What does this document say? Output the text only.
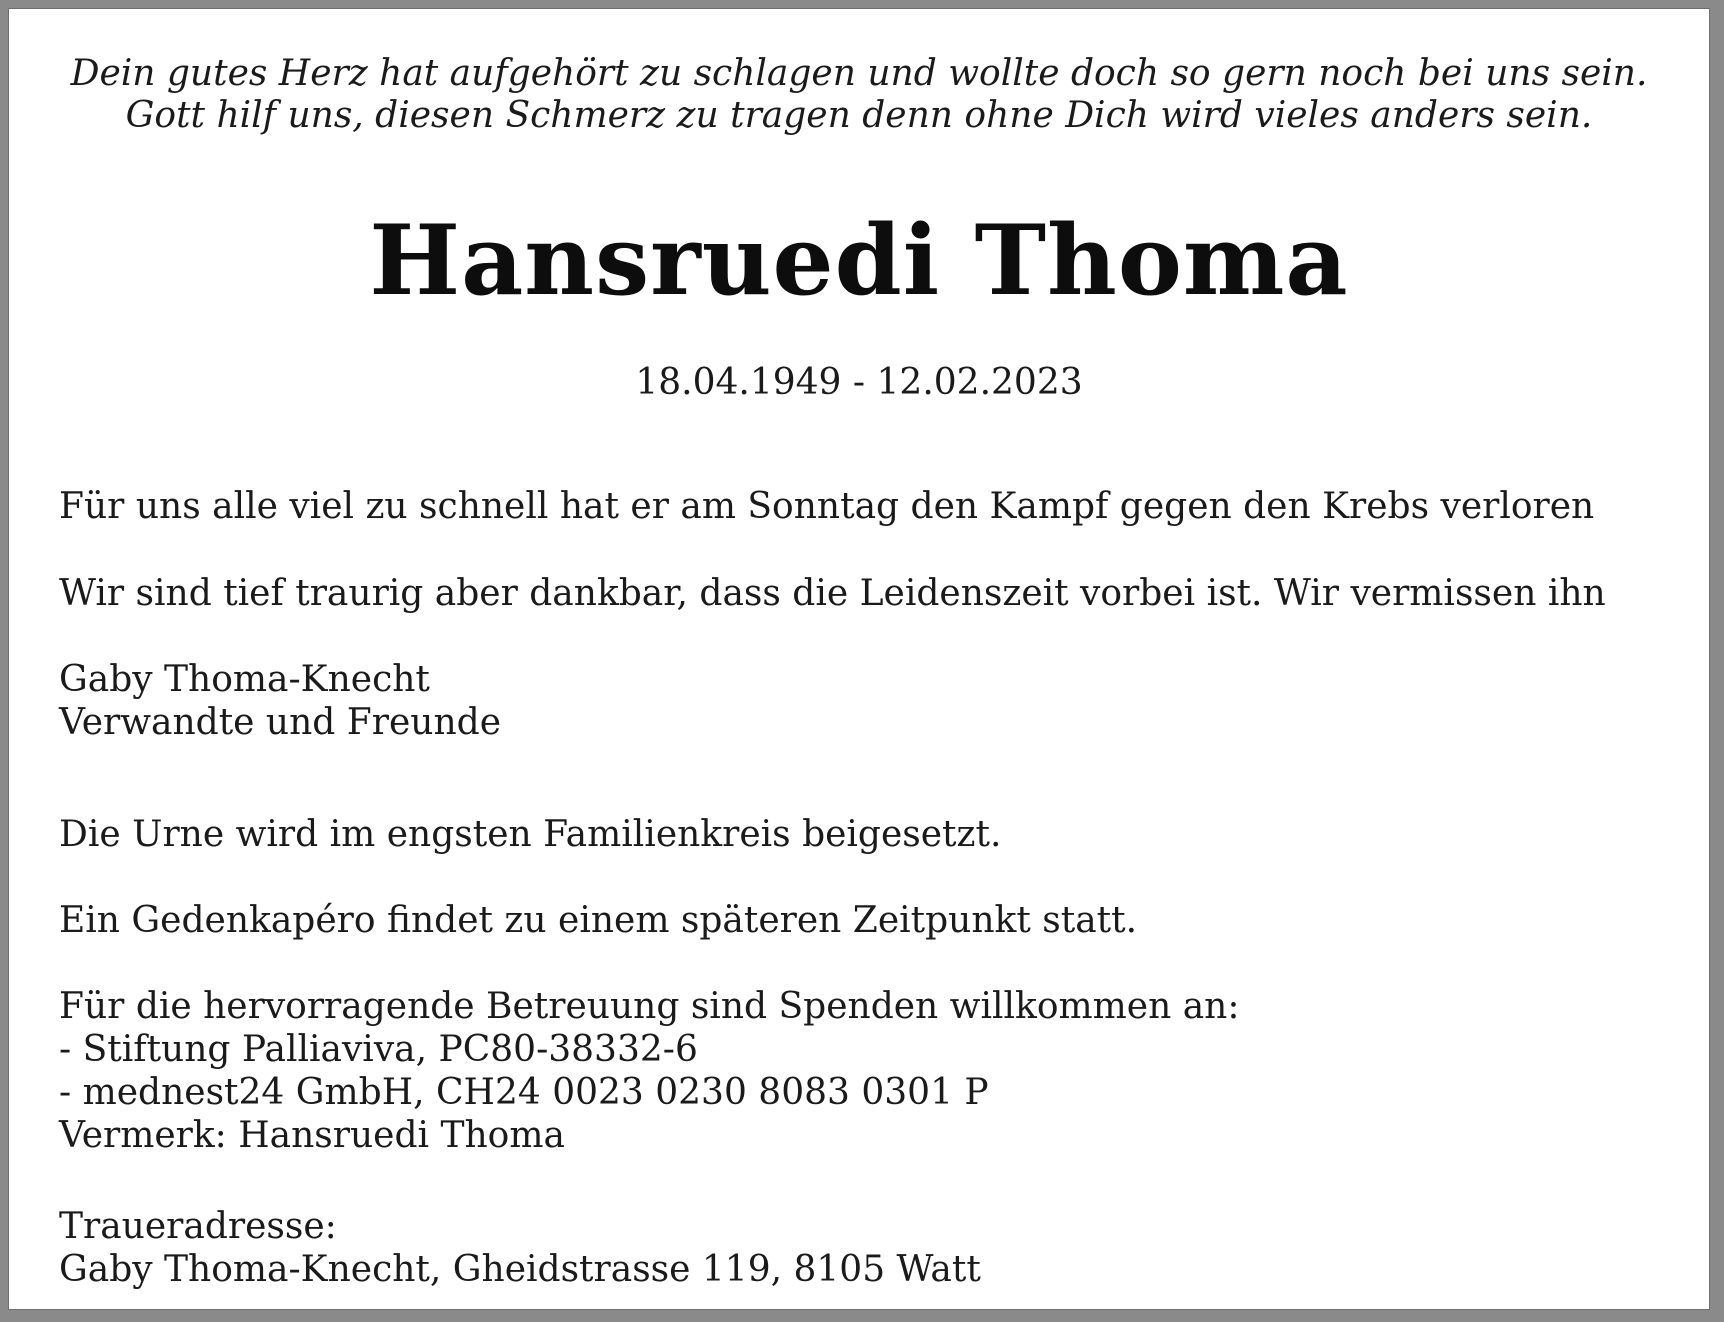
Dein gutes Herz hat aufgehört zu schlagen und wollte doch so gern noch bei uns sein.
Gott hilf uns, diesen Schmerz zu tragen denn ohne Dich wird vieles anders sein.
Hansruedi Thoma
18.04.1949 - 12.02.2023
Für uns alle viel zu schnell hat er am Sonntag den Kampf gegen den Krebs verloren
Wir sind tief traurig aber dankbar, dass die Leidenszeit vorbei ist. Wir vermissen ihn
Gaby Thoma-Knecht
Verwandte und Freunde
Die Urne wird im engsten Familienkreis beigesetzt.
Ein Gedenkapéro findet zu einem späteren Zeitpunkt statt.
Für die hervorragende Betreuung sind Spenden willkommen an:
- Stiftung Palliaviva, PC80-38332-6
- mednest24 GmbH, CH24 0023 0230 8083 0301 P
Vermerk: Hansruedi Thoma
Traueradresse:
Gaby Thoma-Knecht, Gheidstrasse 119, 8105 Watt
